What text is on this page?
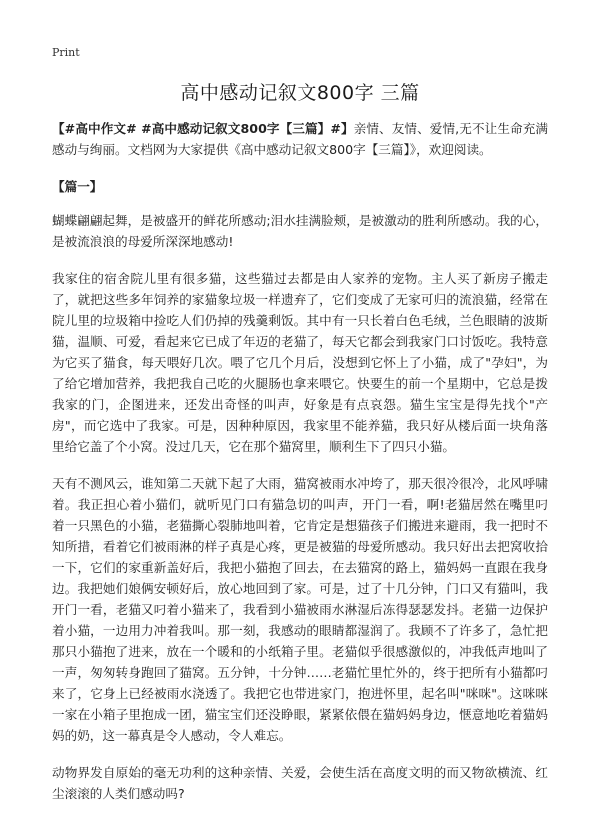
Print
高中感动记叙文800字 三篇

【#高中作文# #高中感动记叙文800字【三篇】#】亲情、友情、爱情,无不让生命充满感动与绚丽。文档网为大家提供《高中感动记叙文800字【三篇】》，欢迎阅读。

【篇一】

蝴蝶翩翩起舞，是被盛开的鲜花所感动;泪水挂满脸颊，是被激动的胜利所感动。我的心，是被流浪浪的母爱所深深地感动!

我家住的宿舍院儿里有很多猫，这些猫过去都是由人家养的宠物。主人买了新房子搬走了，就把这些多年饲养的家猫象垃圾一样遗弃了，它们变成了无家可归的流浪猫，经常在院儿里的垃圾箱中捡吃人们仍掉的残羹剩饭。其中有一只长着白色毛绒，兰色眼睛的波斯猫，温顺、可爱，看起来它已成了年迈的老猫了，每天它都会到我家门口讨饭吃。我特意为它买了猫食，每天喂好几次。喂了它几个月后，没想到它怀上了小猫，成了"孕妇"，为了给它增加营养，我把我自己吃的火腿肠也拿来喂它。快要生的前一个星期中，它总是拨我家的门，企图进来，还发出奇怪的叫声，好象是有点哀怨。猫生宝宝是得先找个"产房"，而它选中了我家。可是，因种种原因，我家里不能养猫，我只好从楼后面一块角落里给它盖了个小窝。没过几天，它在那个猫窝里，顺利生下了四只小猫。

天有不测风云，谁知第二天就下起了大雨，猫窝被雨水冲垮了，那天很冷很冷，北风呼啸着。我正担心着小猫们，就听见门口有猫急切的叫声，开门一看，啊!老猫居然在嘴里叼着一只黑色的小猫，老猫撕心裂肺地叫着，它肯定是想猫孩子们搬进来避雨，我一把时不知所措，看着它们被雨淋的样子真是心疼，更是被猫的母爱所感动。我只好出去把窝收拾一下，它们的家重新盖好后，我把小猫抱了回去，在去猫窝的路上，猫妈妈一直跟在我身边。我把她们娘俩安顿好后，放心地回到了家。可是，过了十几分钟，门口又有猫叫，我开门一看，老猫又叼着小猫来了，我看到小猫被雨水淋湿后冻得瑟瑟发抖。老猫一边保护着小猫，一边用力冲着我叫。那一刻，我感动的眼睛都湿润了。我顾不了许多了，急忙把那只小猫抱了进来，放在一个暖和的小纸箱子里。老猫似乎很感激似的，冲我低声地叫了一声，匆匆转身跑回了猫窝。五分钟，十分钟……老猫忙里忙外的，终于把所有小猫都叼来了，它身上已经被雨水浇透了。我把它也带进家门，抱进怀里，起名叫"咪咪"。这咪咪一家在小箱子里抱成一团，猫宝宝们还没睁眼，紧紧依偎在猫妈妈身边，惬意地吃着猫妈妈的奶，这一幕真是令人感动，令人难忘。

动物界发自原始的毫无功利的这种亲情、关爱，会使生活在高度文明的而又物欲横流、红尘滚滚的人类们感动吗?
